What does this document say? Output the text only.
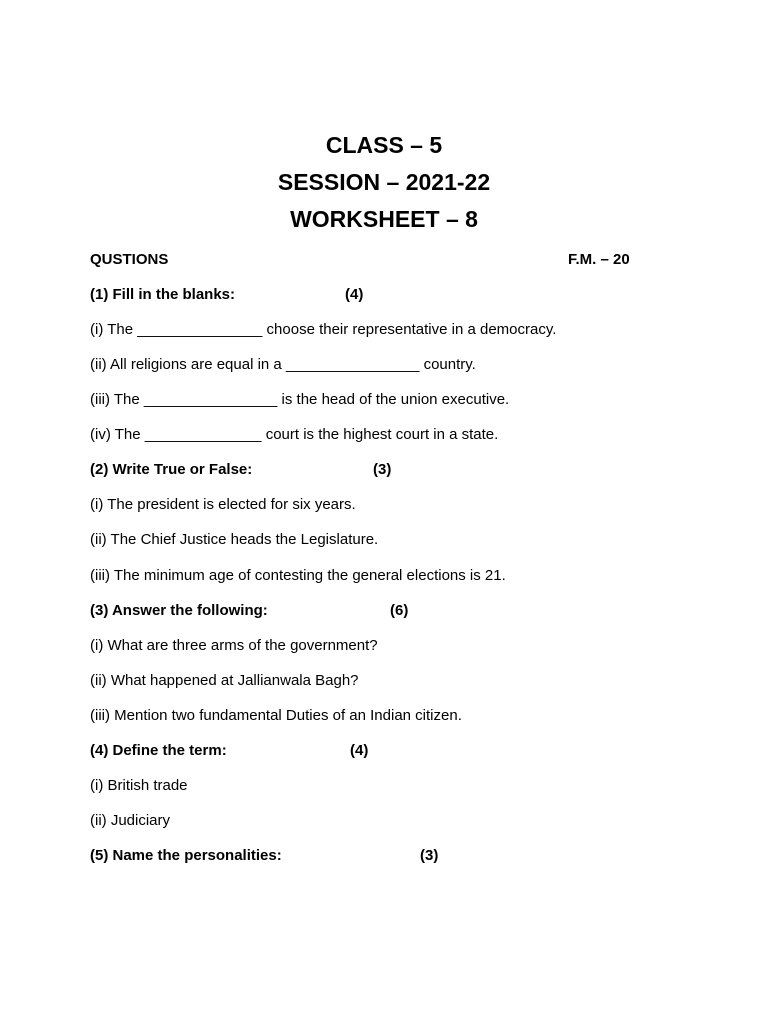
CLASS – 5
SESSION – 2021-22
WORKSHEET – 8
QUSTIONS	F.M. – 20
(1) Fill in the blanks:	(4)
(i) The _______________ choose their representative in a democracy.
(ii) All religions are equal in a ________________ country.
(iii) The ________________ is the head of the union executive.
(iv) The ______________ court is the highest court in a state.
(2) Write True or False:	(3)
(i) The president is elected for six years.
(ii) The Chief Justice heads the Legislature.
(iii) The minimum age of contesting the general elections is 21.
(3) Answer the following:	(6)
(i) What are three arms of the government?
(ii) What happened at Jallianwala Bagh?
(iii) Mention two fundamental Duties of an Indian citizen.
(4) Define the term:	(4)
(i) British trade
(ii) Judiciary
(5) Name the personalities:	(3)
